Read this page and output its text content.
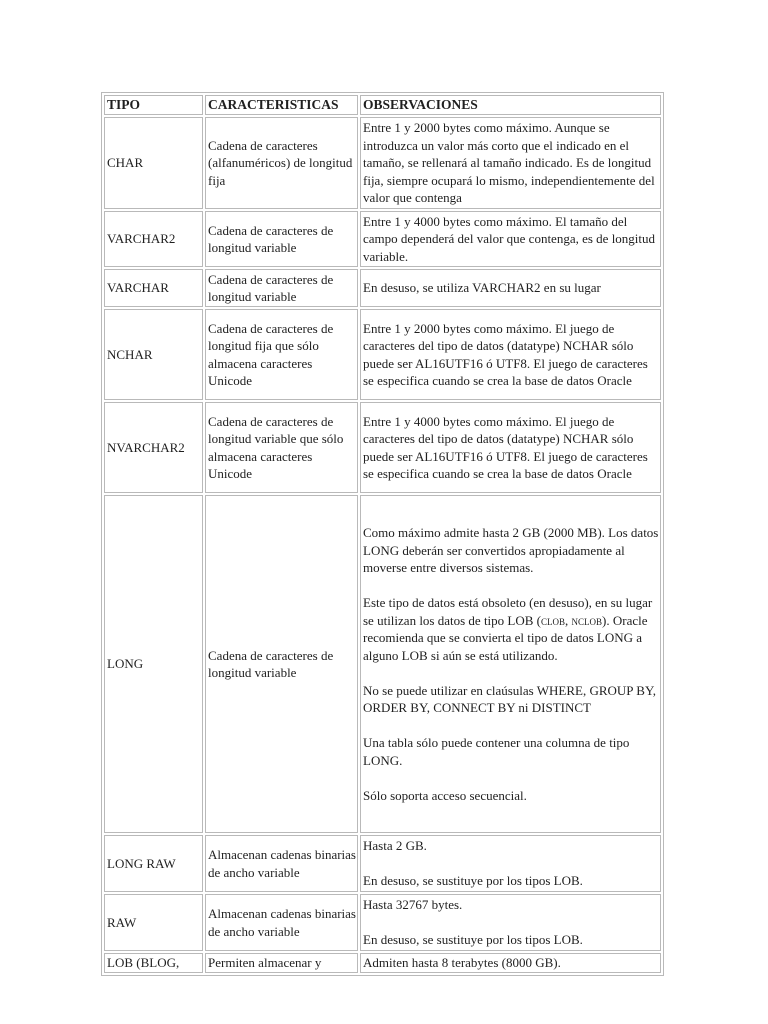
TIPO	CARACTERISTICAS	OBSERVACIONES
CHAR	Cadena de caracteres (alfanuméricos) de longitud fija	Entre 1 y 2000 bytes como máximo. Aunque se introduzca un valor más corto que el indicado en el tamaño, se rellenará al tamaño indicado. Es de longitud fija, siempre ocupará lo mismo, independientemente del valor que contenga

VARCHAR2	Cadena de caracteres de longitud variable	Entre 1 y 4000 bytes como máximo. El tamaño del campo dependerá del valor que contenga, es de longitud variable.

VARCHAR	Cadena de caracteres de longitud variable	En desuso, se utiliza VARCHAR2 en su lugar

NCHAR	Cadena de caracteres de longitud fija que sólo almacena caracteres Unicode	Entre 1 y 2000 bytes como máximo. El juego de caracteres del tipo de datos (datatype) NCHAR sólo puede ser AL16UTF16 ó UTF8. El juego de caracteres se especifica cuando se crea la base de datos Oracle

NVARCHAR2	Cadena de caracteres de longitud variable que sólo almacena caracteres Unicode	Entre 1 y 4000 bytes como máximo. El juego de caracteres del tipo de datos (datatype) NCHAR sólo puede ser AL16UTF16 ó UTF8. El juego de caracteres se especifica cuando se crea la base de datos Oracle

LONG	Cadena de caracteres de longitud variable	Como máximo admite hasta 2 GB (2000 MB). Los datos LONG deberán ser convertidos apropiadamente al moverse entre diversos sistemas.

Este tipo de datos está obsoleto (en desuso), en su lugar se utilizan los datos de tipo LOB (clob, nclob). Oracle recomienda que se convierta el tipo de datos LONG a alguno LOB si aún se está utilizando.

No se puede utilizar en claúsulas WHERE, GROUP BY, ORDER BY, CONNECT BY ni DISTINCT

Una tabla sólo puede contener una columna de tipo LONG.

Sólo soporta acceso secuencial.

LONG RAW	Almacenan cadenas binarias de ancho variable	Hasta 2 GB.

En desuso, se sustituye por los tipos LOB.

RAW	Almacenan cadenas binarias de ancho variable	Hasta 32767 bytes.

En desuso, se sustituye por los tipos LOB.

LOB (BLOG,	Permiten almacenar y	Admiten hasta 8 terabytes (8000 GB).
